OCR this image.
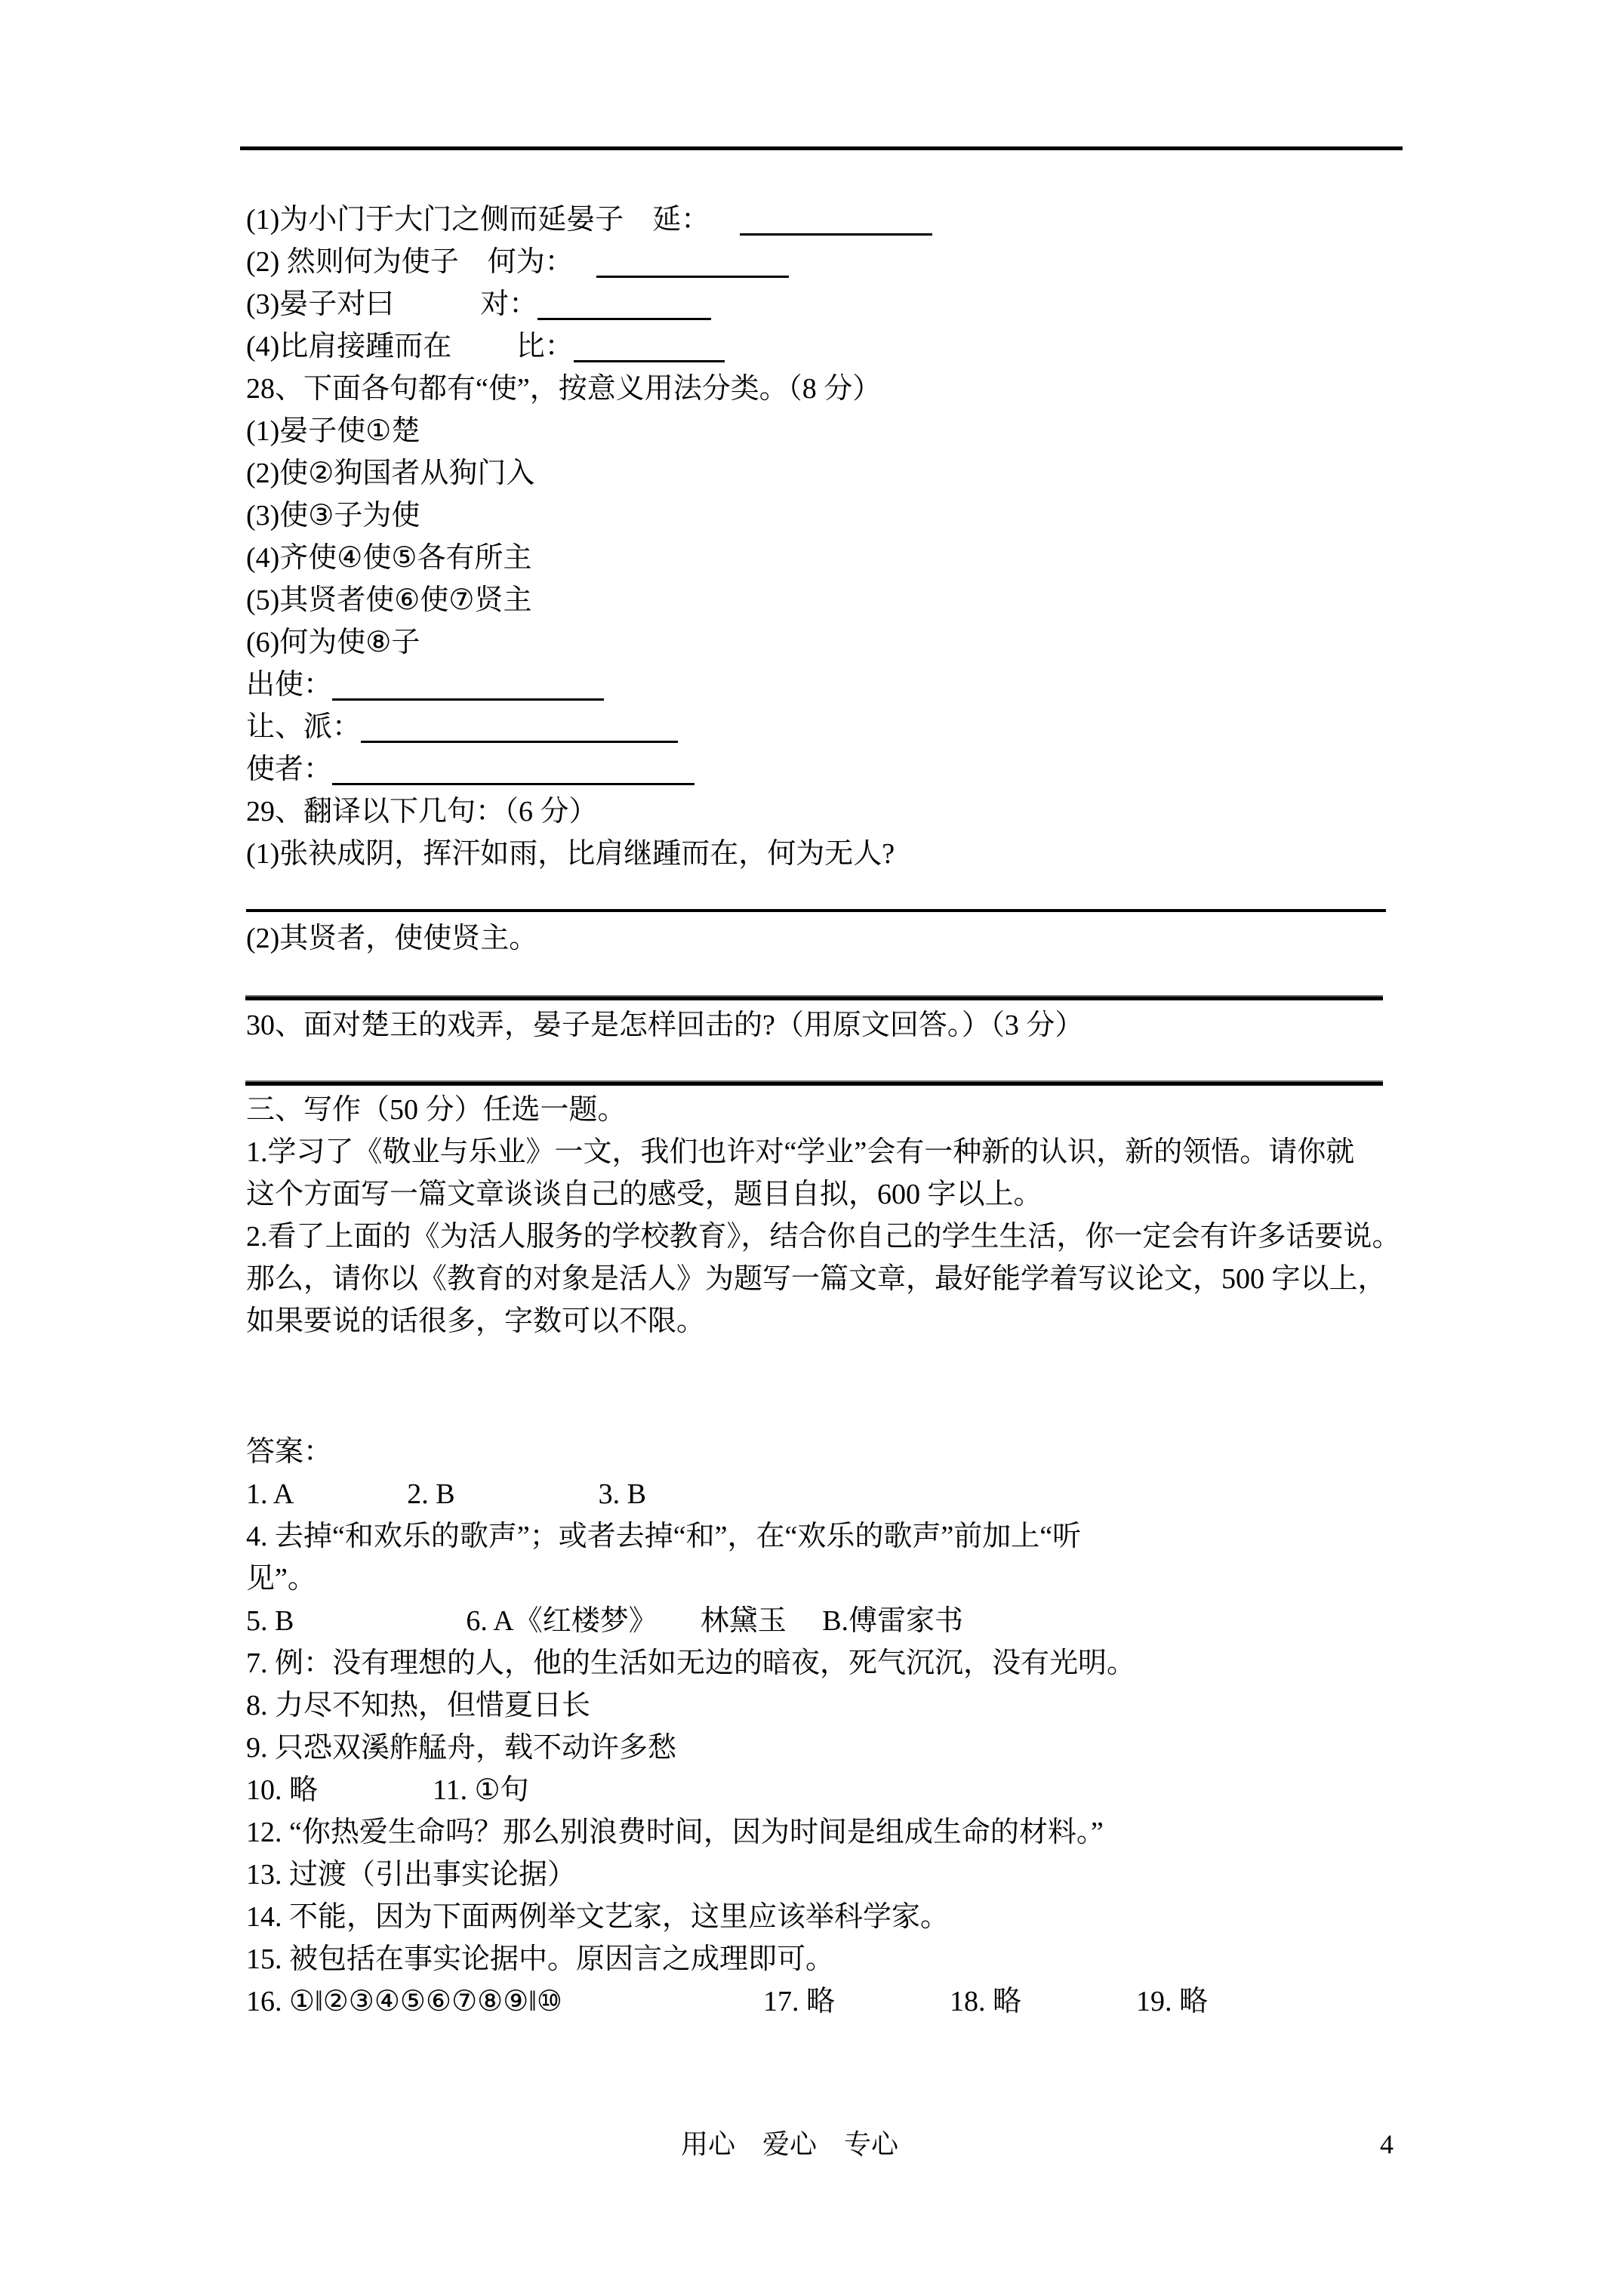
(1)为小门于大门之侧而延晏子　延：
(2) 然则何为使子　何为：
(3)晏子对曰　　　对：
(4)比肩接踵而在　　 比：
28、下面各句都有“使”，按意义用法分类。（8 分）
(1)晏子使①楚
(2)使②狗国者从狗门入
(3)使③子为使
(4)齐使④使⑤各有所主
(5)其贤者使⑥使⑦贤主
(6)何为使⑧子
出使：
让、派：
使者：
29、翻译以下几句：（6 分）
(1)张袂成阴，挥汗如雨，比肩继踵而在，何为无人?
(2)其贤者，使使贤主。
30、面对楚王的戏弄，晏子是怎样回击的?（用原文回答。）（3 分）
三、写作（50 分）任选一题。
1.学习了《敬业与乐业》一文，我们也许对“学业”会有一种新的认识，新的领悟。请你就
这个方面写一篇文章谈谈自己的感受，题目自拟，600 字以上。
2.看了上面的《为活人服务的学校教育》，结合你自己的学生生活，你一定会有许多话要说。
那么，请你以《教育的对象是活人》为题写一篇文章，最好能学着写议论文，500 字以上，
如果要说的话很多，字数可以不限。
答案：
1. A　　　　2. B　　　　　3. B
4. 去掉“和欢乐的歌声”；或者去掉“和”，在“欢乐的歌声”前加上“听
见”。
5. B　　　　　　6. A《红楼梦》　　林黛玉　 B.傅雷家书
7. 例：没有理想的人，他的生活如无边的暗夜，死气沉沉，没有光明。
8. 力尽不知热，但惜夏日长
9. 只恐双溪舴艋舟，载不动许多愁
10. 略　　　　11. ①句
12. “你热爱生命吗？那么别浪费时间，因为时间是组成生命的材料。”
13. 过渡（引出事实论据）
14. 不能，因为下面两例举文艺家，这里应该举科学家。
15. 被包括在事实论据中。原因言之成理即可。
16. ①‖②③④⑤⑥⑦⑧⑨‖⑩　　　　　　　17. 略　　　　18. 略　　　　19. 略
用心　爱心　专心	4
